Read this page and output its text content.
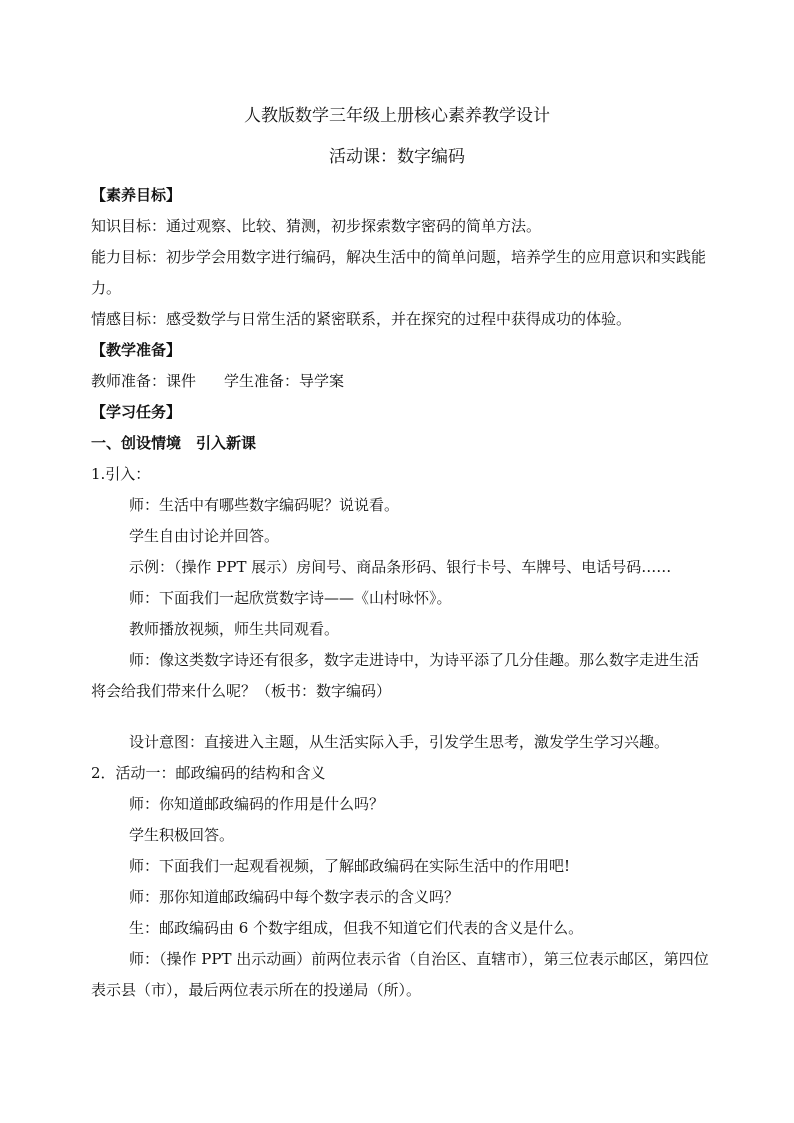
人教版数学三年级上册核心素养教学设计
活动课：数字编码
【素养目标】
知识目标：通过观察、比较、猜测，初步探索数字密码的简单方法。
能力目标：初步学会用数字进行编码，解决生活中的简单问题，培养学生的应用意识和实践能力。
情感目标：感受数学与日常生活的紧密联系，并在探究的过程中获得成功的体验。
【教学准备】
教师准备：课件 学生准备：导学案
【学习任务】
一、创设情境　引入新课
1.引入：
师：生活中有哪些数字编码呢？说说看。
学生自由讨论并回答。
示例：（操作 PPT 展示）房间号、商品条形码、银行卡号、车牌号、电话号码……
师：下面我们一起欣赏数字诗——《山村咏怀》。
教师播放视频，师生共同观看。
师：像这类数字诗还有很多，数字走进诗中，为诗平添了几分佳趣。那么数字走进生活将会给我们带来什么呢？（板书：数字编码）
设计意图：直接进入主题，从生活实际入手，引发学生思考，激发学生学习兴趣。
2．活动一：邮政编码的结构和含义
师：你知道邮政编码的作用是什么吗？
学生积极回答。
师：下面我们一起观看视频，了解邮政编码在实际生活中的作用吧!
师：那你知道邮政编码中每个数字表示的含义吗？
生：邮政编码由 6 个数字组成，但我不知道它们代表的含义是什么。
师：（操作 PPT 出示动画）前两位表示省（自治区、直辖市），第三位表示邮区，第四位表示县（市），最后两位表示所在的投递局（所）。
